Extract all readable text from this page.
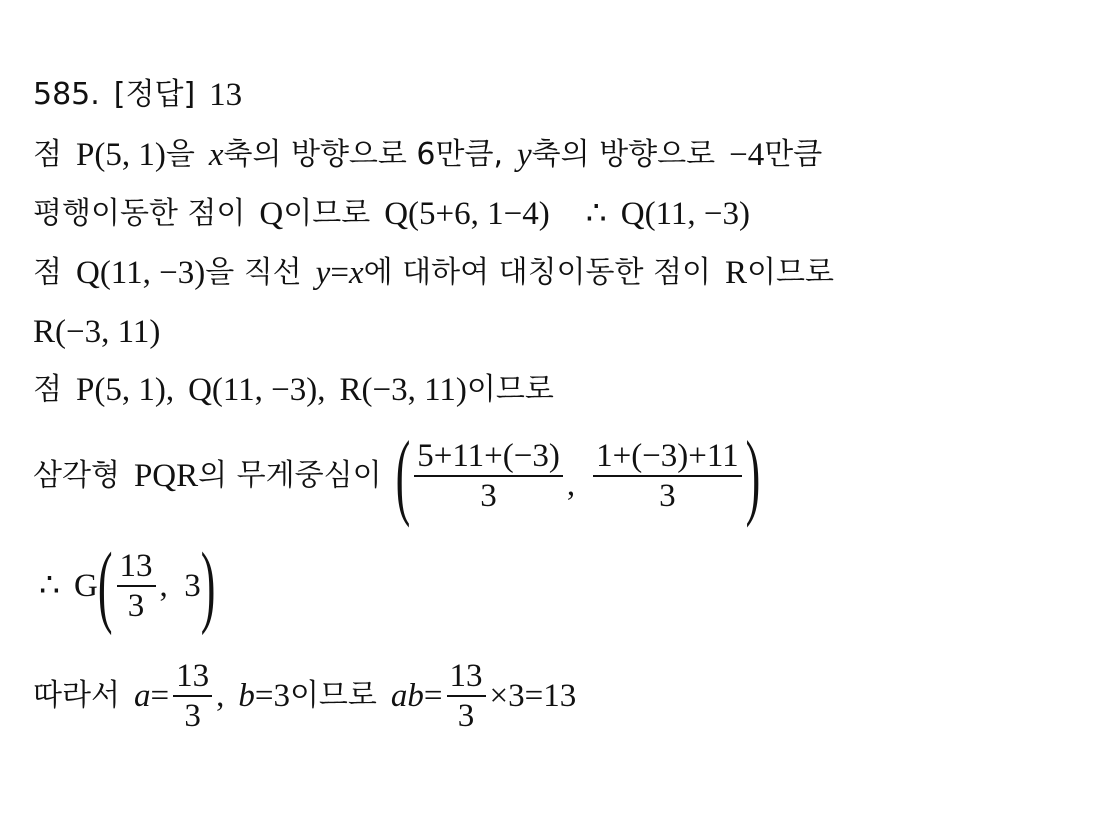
585. [정답] 13
점 P(5, 1) 을 x 축의 방향으로 6만큼, y 축의 방향으로 −4 만큼
평행이동한 점이 Q 이므로 Q(5+6, 1−4) ∴ Q(11, −3)
점 Q(11, −3) 을 직선 y = x 에 대하여 대칭이동한 점이 R 이므로
R(−3, 11)
점 P(5, 1), Q(11, −3), R(−3, 11) 이므로
삼각형 PQR 의 무게중심이 ( $\frac{5+11+(-3)}{3}$ , $\frac{1+(-3)+11}{3}$ )
∴ G ( $\frac{13}{3}$ ,  3 )
따라서 $a = \frac{13}{3}$ , b =3 이므로 ab = $\frac{13}{3} \times 3=13$
